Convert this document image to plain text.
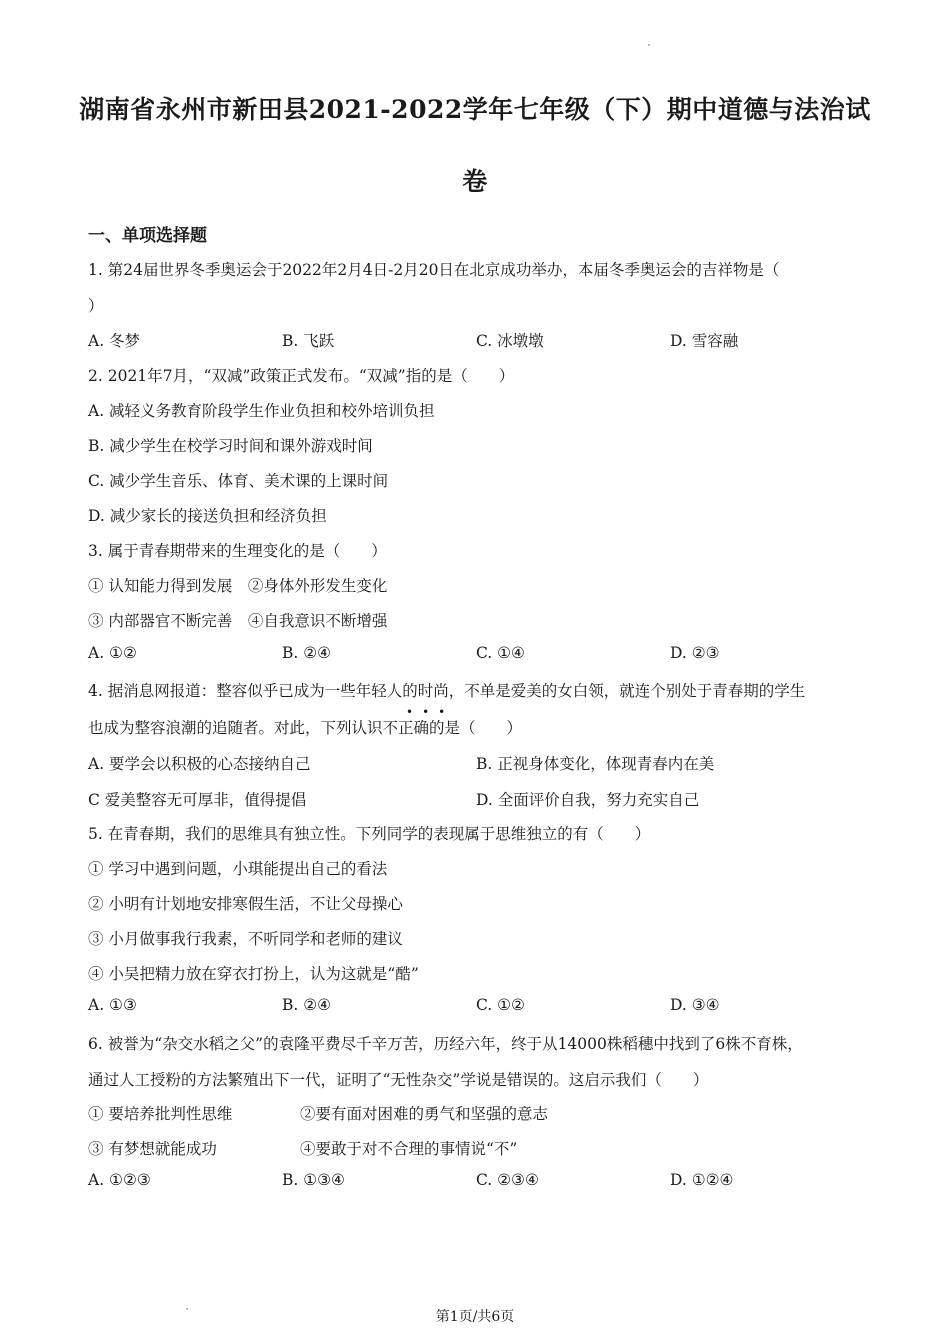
湖南省永州市新田县2021-2022学年七年级（下）期中道德与法治试
卷
一、单项选择题
1. 第24届世界冬季奥运会于2022年2月4日-2月20日在北京成功举办，本届冬季奥运会的吉祥物是（
）
A. 冬梦	B. 飞跃	C. 冰墩墩	D. 雪容融
2. 2021年7月，“双减”政策正式发布。“双减”指的是（　　）
A. 减轻义务教育阶段学生作业负担和校外培训负担
B. 减少学生在校学习时间和课外游戏时间
C. 减少学生音乐、体育、美术课的上课时间
D. 减少家长的接送负担和经济负担
3. 属于青春期带来的生理变化的是（　　）
① 认知能力得到发展　②身体外形发生变化
③ 内部器官不断完善　④自我意识不断增强
A. ①②	B. ②④	C. ①④	D. ②③
4. 据消息网报道：整容似乎已成为一些年轻人的时尚，不单是爱美的女白领，就连个别处于青春期的学生
•••
也成为整容浪潮的追随者。对此，下列认识不正确的是（　　）
A. 要学会以积极的心态接纳自己	B. 正视身体变化，体现青春内在美
C 爱美整容无可厚非，值得提倡	D. 全面评价自我，努力充实自己
5. 在青春期，我们的思维具有独立性。下列同学的表现属于思维独立的有（　　）
① 学习中遇到问题，小琪能提出自己的看法
② 小明有计划地安排寒假生活，不让父母操心
③ 小月做事我行我素，不听同学和老师的建议
④ 小吴把精力放在穿衣打扮上，认为这就是“酷”
A. ①③	B. ②④	C. ①②	D. ③④
6. 被誉为“杂交水稻之父”的袁隆平费尽千辛万苦，历经六年，终于从14000株稻穗中找到了6株不育株，
通过人工授粉的方法繁殖出下一代，证明了“无性杂交”学说是错误的。这启示我们（　　）
① 要培养批判性思维	②要有面对困难的勇气和坚强的意志
③ 有梦想就能成功	④要敢于对不合理的事情说“不”
A. ①②③	B. ①③④	C. ②③④	D. ①②④
第1页/共6页
